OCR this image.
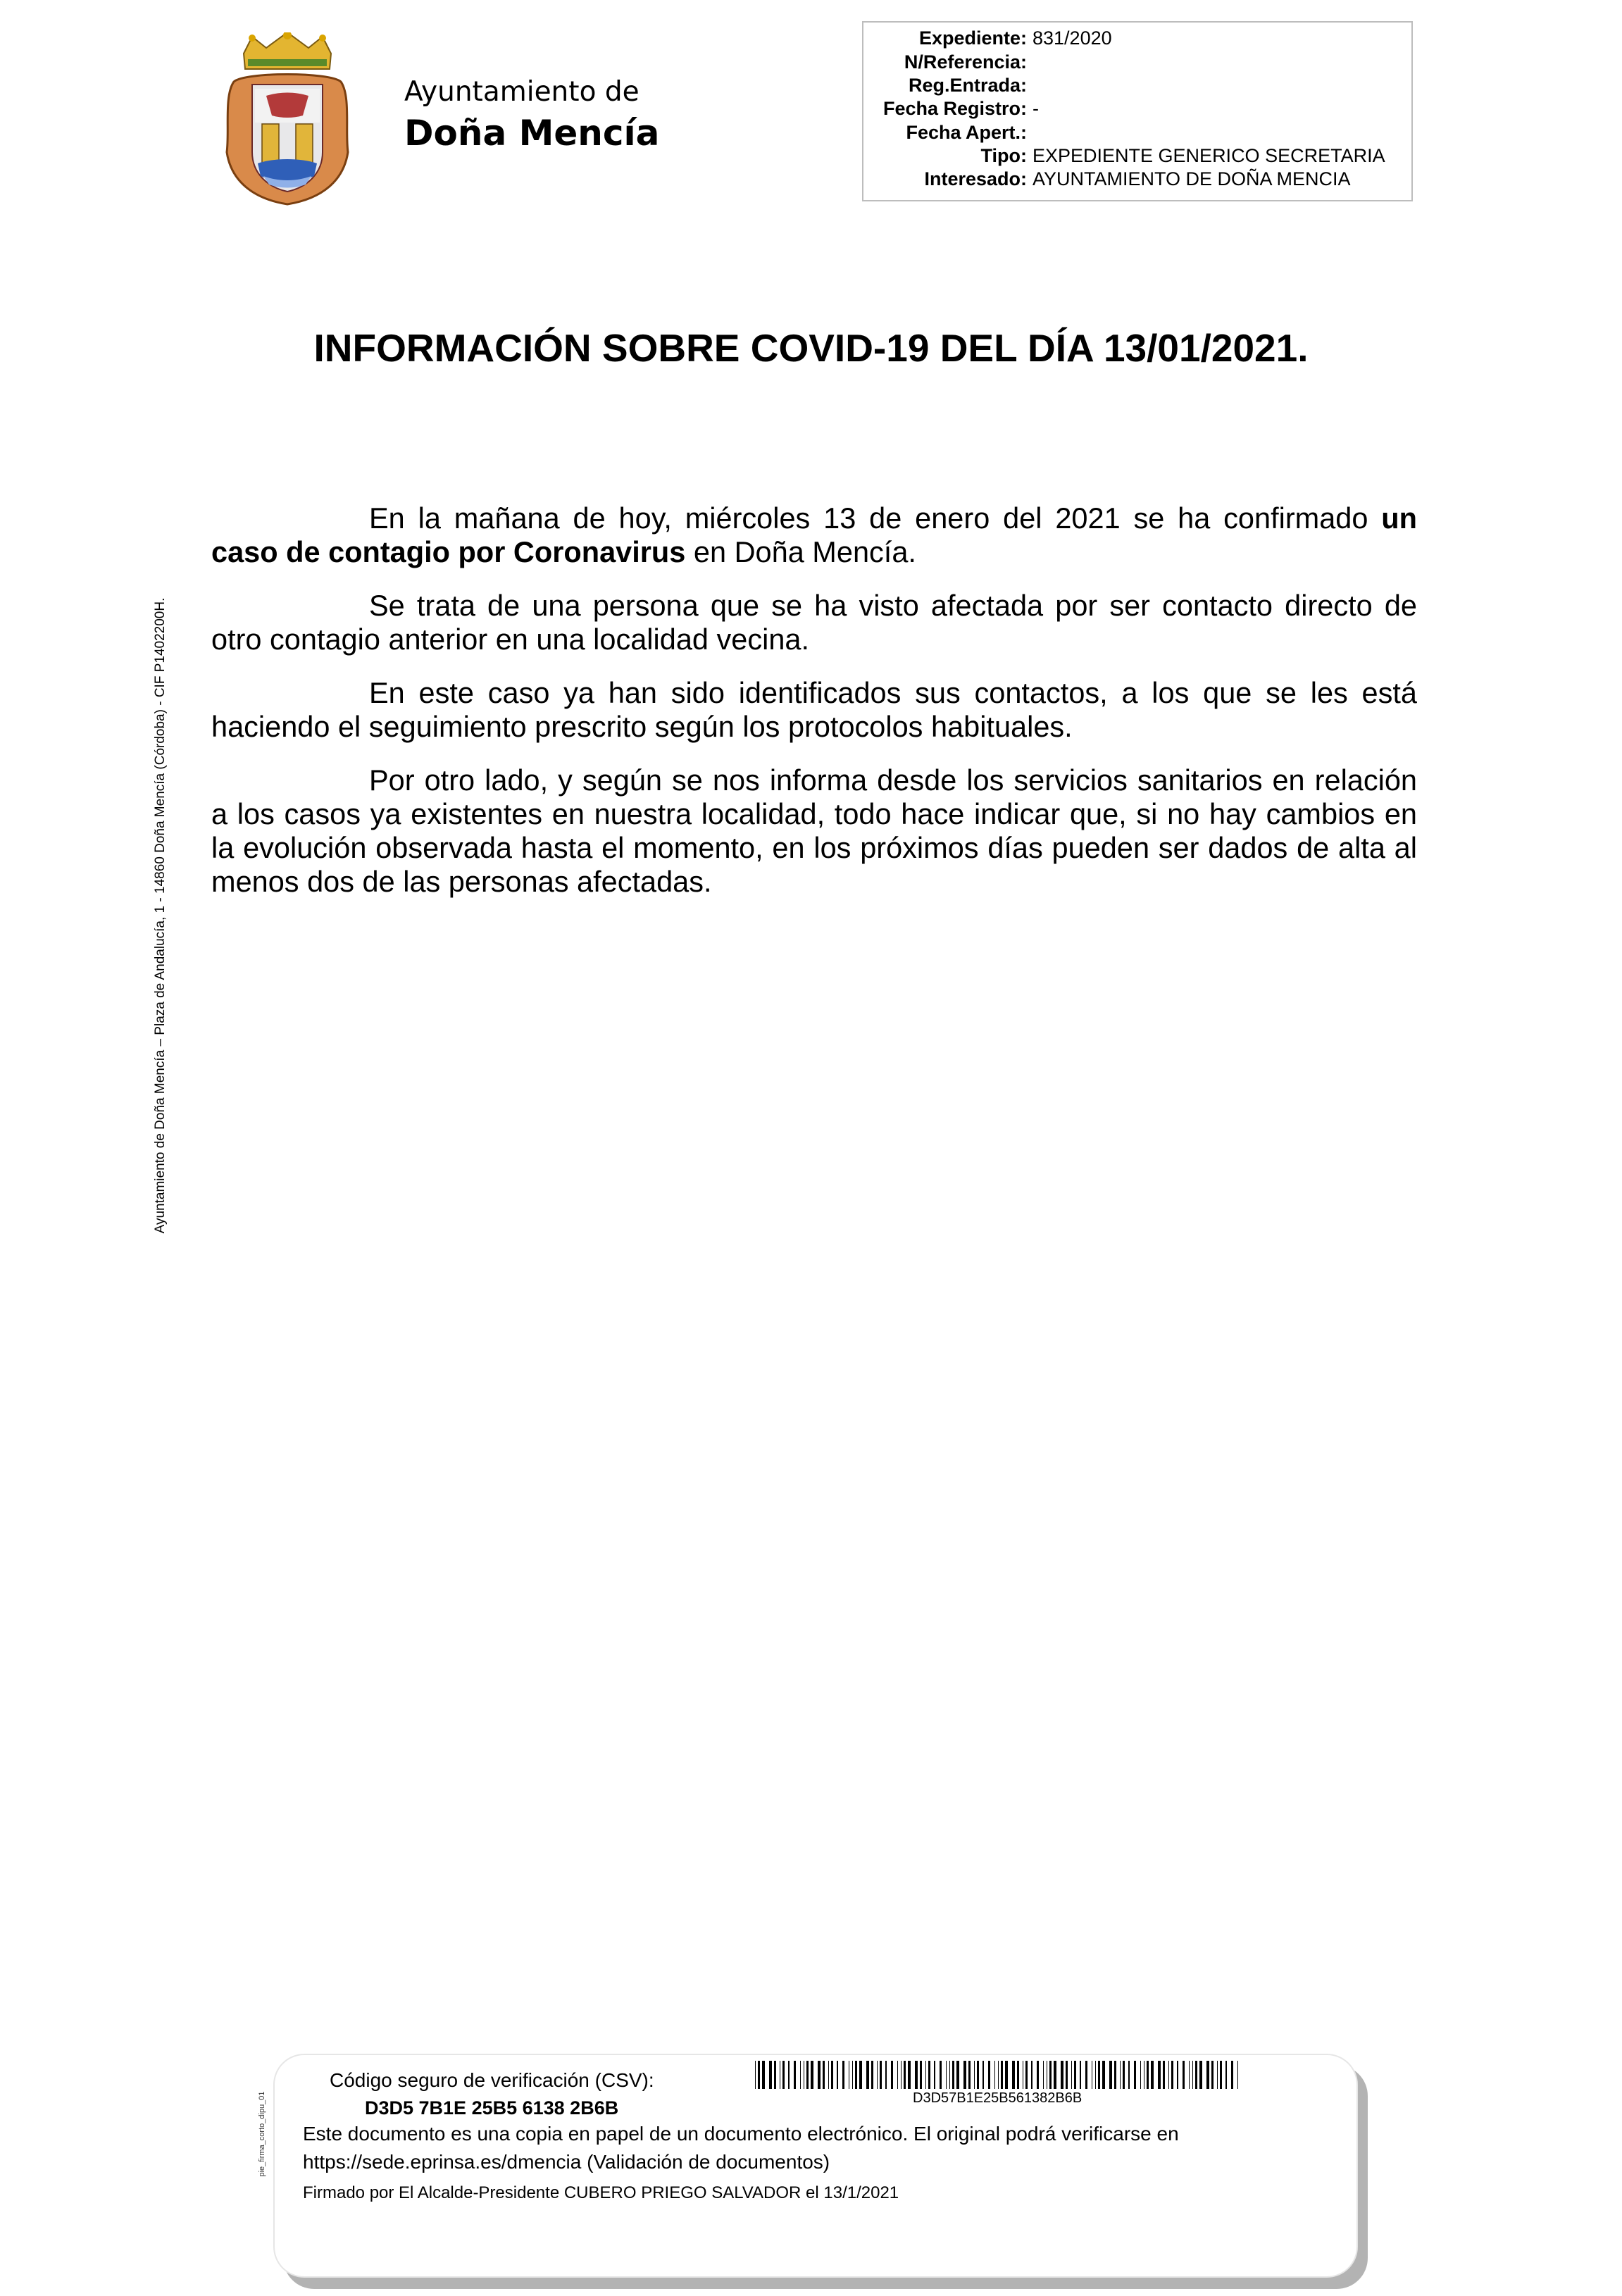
Ayuntamiento de
Doña Mencía
Expediente: 831/2020
N/Referencia:
Reg.Entrada:
Fecha Registro: -
Fecha Apert.:
Tipo: EXPEDIENTE GENERICO SECRETARIA
Interesado: AYUNTAMIENTO DE DOÑA MENCIA
INFORMACIÓN SOBRE COVID-19 DEL DÍA 13/01/2021.

En la mañana de hoy, miércoles 13 de enero del 2021 se ha confirmado un caso de contagio por Coronavirus en Doña Mencía.

Se trata de una persona que se ha visto afectada por ser contacto directo de otro contagio anterior en una localidad vecina.

En este caso ya han sido identificados sus contactos, a los que se les está haciendo el seguimiento prescrito según los protocolos habituales.

Por otro lado, y según se nos informa desde los servicios sanitarios en relación a los casos ya existentes en nuestra localidad, todo hace indicar que, si no hay cambios en la evolución observada hasta el momento, en los próximos días pueden ser dados de alta al menos dos de las personas afectadas.

Ayuntamiento de Doña Mencía – Plaza de Andalucía, 1 - 14860 Doña Mencía (Córdoba) - CIF P1402200H.
pie_firma_corto_dipu_01
Código seguro de verificación (CSV):
D3D5 7B1E 25B5 6138 2B6B	D3D57B1E25B561382B6B
Este documento es una copia en papel de un documento electrónico. El original podrá verificarse en
https://sede.eprinsa.es/dmencia (Validación de documentos)
Firmado por El Alcalde-Presidente CUBERO PRIEGO SALVADOR el 13/1/2021
